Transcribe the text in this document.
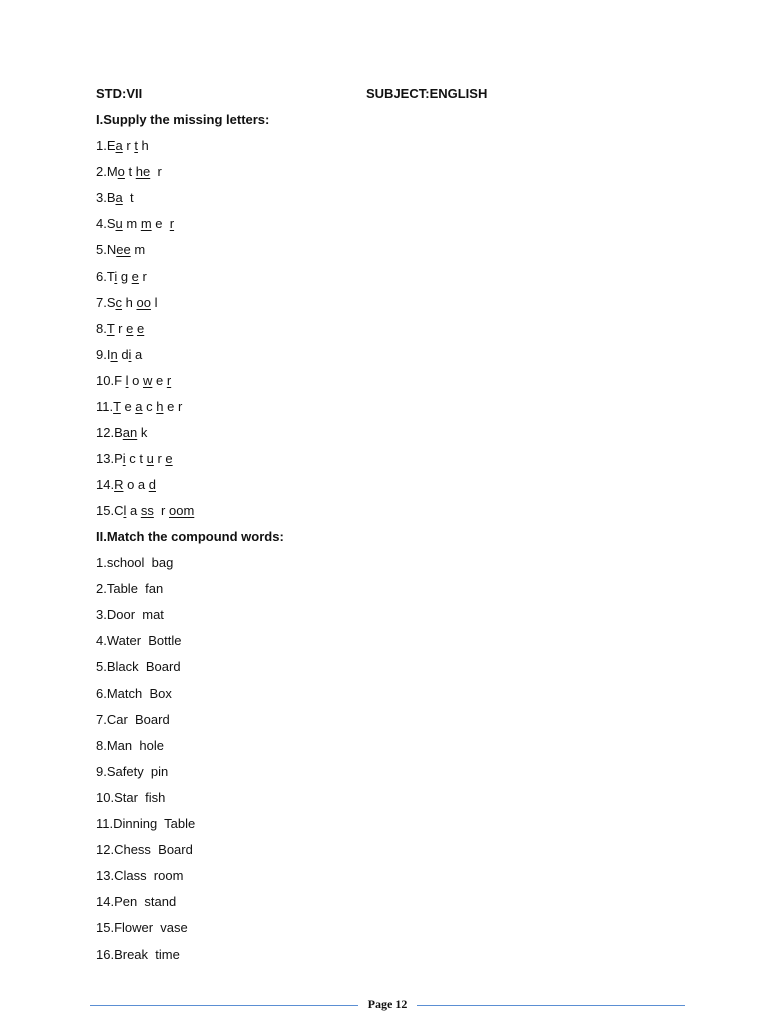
STD:VII	SUBJECT:ENGLISH
I.Supply the missing letters:
1.Ea r t h
2.Mo t he  r
3.Ba  t
4.Su m m e  r
5.Nee m
6.Ti g e r
7.Sc h oo l
8.T r e e
9.In di a
10.F l o w e r
11.T e a c h e r
12.Ban k
13.Pi c t u r e
14.R o a d
15.Cl a ss  r oom
II.Match the compound words:
1.school  bag
2.Table  fan
3.Door  mat
4.Water  Bottle
5.Black  Board
6.Match  Box
7.Car  Board
8.Man  hole
9.Safety  pin
10.Star  fish
11.Dinning  Table
12.Chess  Board
13.Class  room
14.Pen  stand
15.Flower  vase
16.Break  time
Page 12
